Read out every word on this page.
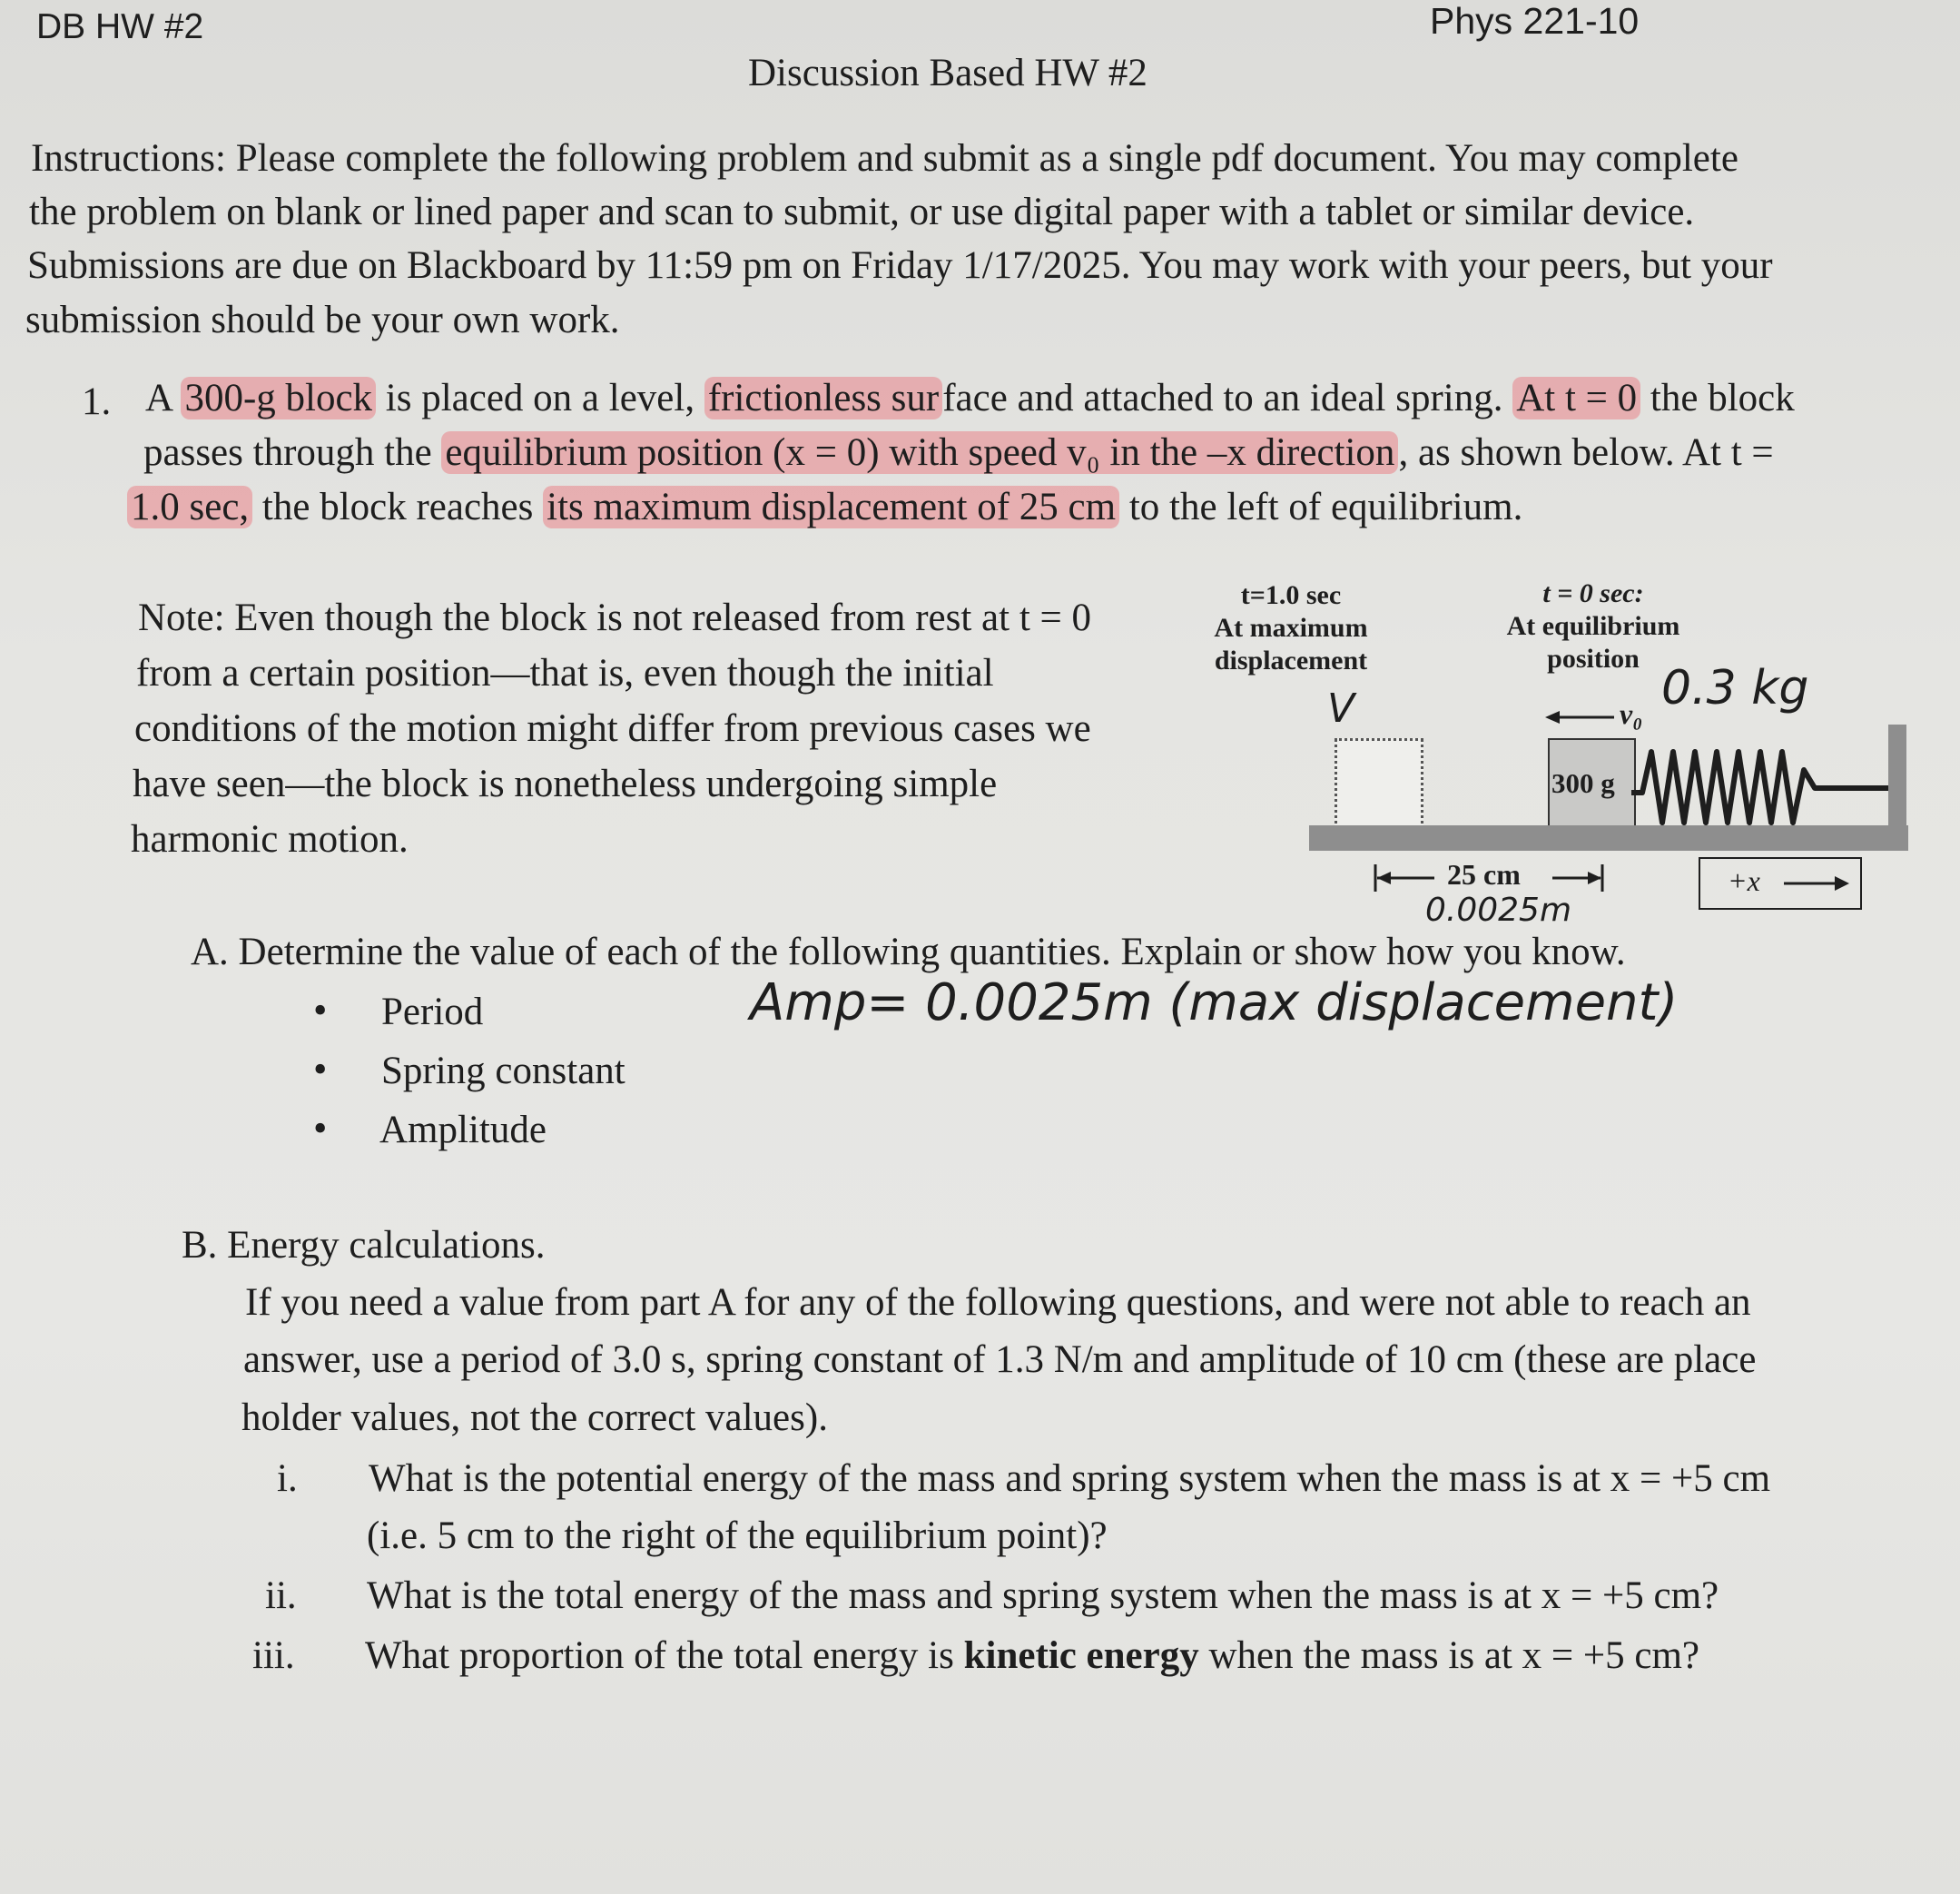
DB HW #2	Phys 221-10
Discussion Based HW #2
Instructions: Please complete the following problem and submit as a single pdf document. You may complete
the problem on blank or lined paper and scan to submit, or use digital paper with a tablet or similar device.
Submissions are due on Blackboard by 11:59 pm on Friday 1/17/2025. You may work with your peers, but your
submission should be your own work.
1. A 300-g block is placed on a level, frictionless surface and attached to an ideal spring. At t = 0 the block
passes through the equilibrium position (x = 0) with speed v₀ in the –x direction, as shown below. At t =
1.0 sec, the block reaches its maximum displacement of 25 cm to the left of equilibrium.
Note: Even though the block is not released from rest at t = 0
from a certain position—that is, even though the initial
conditions of the motion might differ from previous cases we
have seen—the block is nonetheless undergoing simple
harmonic motion.
t=1.0 sec
At maximum
displacement
t = 0 sec:
At equilibrium
position
V	0.3 kg
v₀
300 g
25 cm
0.0025m
+x
A. Determine the value of each of the following quantities. Explain or show how you know.
• Period
• Spring constant
• Amplitude
Amp= 0.0025m (max displacement)
B. Energy calculations.
If you need a value from part A for any of the following questions, and were not able to reach an
answer, use a period of 3.0 s, spring constant of 1.3 N/m and amplitude of 10 cm (these are place
holder values, not the correct values).
i. What is the potential energy of the mass and spring system when the mass is at x = +5 cm
(i.e. 5 cm to the right of the equilibrium point)?
ii. What is the total energy of the mass and spring system when the mass is at x = +5 cm?
iii. What proportion of the total energy is kinetic energy when the mass is at x = +5 cm?
